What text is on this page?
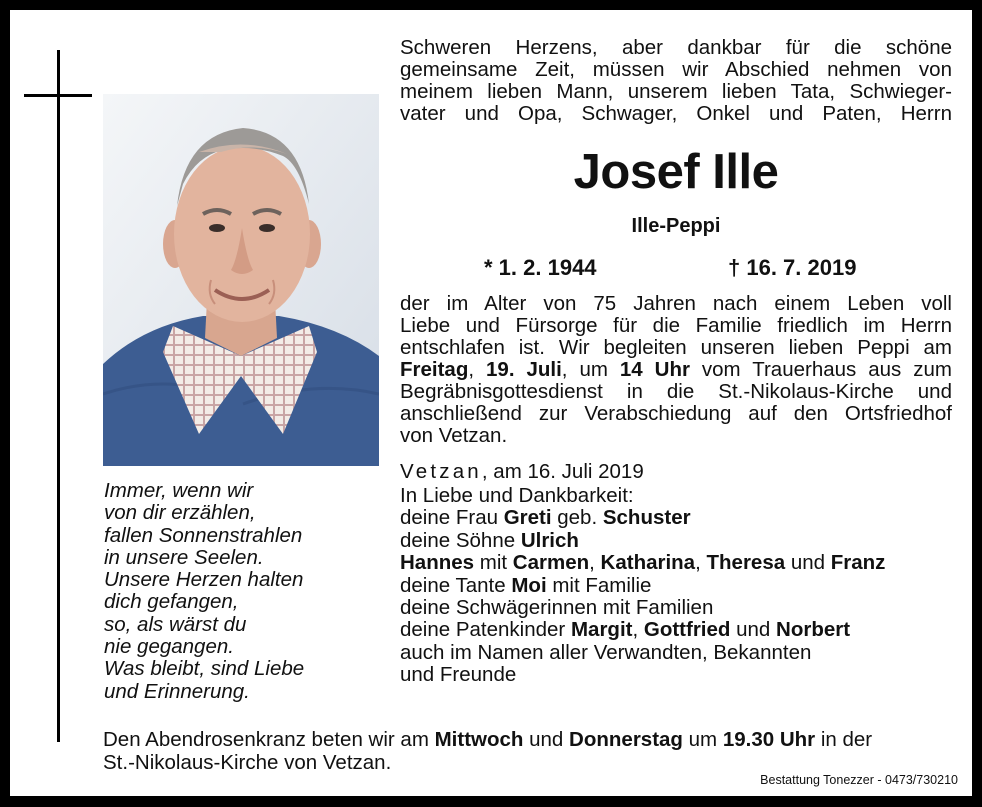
Immer, wenn wir
von dir erzählen,
fallen Sonnenstrahlen
in unsere Seelen.
Unsere Herzen halten
dich gefangen,
so, als wärst du
nie gegangen.
Was bleibt, sind Liebe
und Erinnerung.
Schweren Herzens, aber dankbar für die schöne
gemeinsame Zeit, müssen wir Abschied nehmen von
meinem lieben Mann, unserem lieben Tata, Schwieger-
vater und Opa, Schwager, Onkel und Paten, Herrn
Josef Ille
Ille-Peppi
* 1. 2. 1944	† 16. 7. 2019
der im Alter von 75 Jahren nach einem Leben voll
Liebe und Fürsorge für die Familie friedlich im Herrn
entschlafen ist. Wir begleiten unseren lieben Peppi am
Freitag, 19. Juli, um 14 Uhr vom Trauerhaus aus zum
Begräbnisgottesdienst in die St.-Nikolaus-Kirche und
anschließend zur Verabschiedung auf den Ortsfriedhof
von Vetzan.
Vetzan, am 16. Juli 2019
In Liebe und Dankbarkeit:
deine Frau Greti geb. Schuster
deine Söhne Ulrich
Hannes mit Carmen, Katharina, Theresa und Franz
deine Tante Moi mit Familie
deine Schwägerinnen mit Familien
deine Patenkinder Margit, Gottfried und Norbert
auch im Namen aller Verwandten, Bekannten
und Freunde
Den Abendrosenkranz beten wir am Mittwoch und Donnerstag um 19.30 Uhr in der
St.-Nikolaus-Kirche von Vetzan.
Bestattung Tonezzer - 0473/730210
